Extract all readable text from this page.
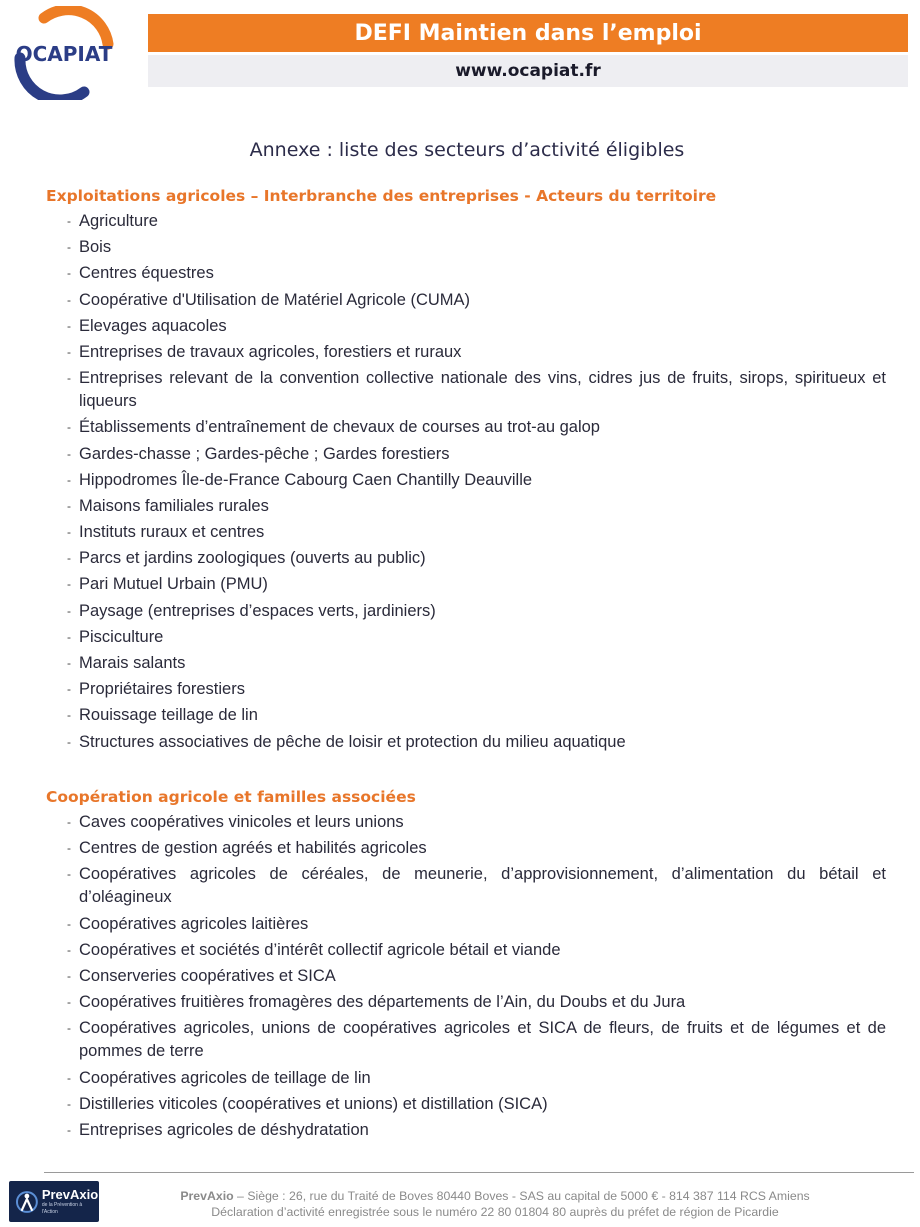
OCAPIAT
DEFI Maintien dans l’emploi
www.ocapiat.fr
Annexe : liste des secteurs d’activité éligibles
Exploitations agricoles – Interbranche des entreprises - Acteurs du territoire
- Agriculture
- Bois
- Centres équestres
- Coopérative d'Utilisation de Matériel Agricole (CUMA)
- Elevages aquacoles
- Entreprises de travaux agricoles, forestiers et ruraux
- Entreprises relevant de la convention collective nationale des vins, cidres jus de fruits, sirops, spiritueux et liqueurs
- Établissements d’entraînement de chevaux de courses au trot-au galop
- Gardes-chasse ; Gardes-pêche ; Gardes forestiers
- Hippodromes Île-de-France Cabourg Caen Chantilly Deauville
- Maisons familiales rurales
- Instituts ruraux et centres
- Parcs et jardins zoologiques (ouverts au public)
- Pari Mutuel Urbain (PMU)
- Paysage (entreprises d’espaces verts, jardiniers)
- Pisciculture
- Marais salants
- Propriétaires forestiers
- Rouissage teillage de lin
- Structures associatives de pêche de loisir et protection du milieu aquatique
Coopération agricole et familles associées
- Caves coopératives vinicoles et leurs unions
- Centres de gestion agréés et habilités agricoles
- Coopératives agricoles de céréales, de meunerie, d’approvisionnement, d’alimentation du bétail et d’oléagineux
- Coopératives agricoles laitières
- Coopératives et sociétés d’intérêt collectif agricole bétail et viande
- Conserveries coopératives et SICA
- Coopératives fruitières fromagères des départements de l’Ain, du Doubs et du Jura
- Coopératives agricoles, unions de coopératives agricoles et SICA de fleurs, de fruits et de légumes et de pommes de terre
- Coopératives agricoles de teillage de lin
- Distilleries viticoles (coopératives et unions) et distillation (SICA)
- Entreprises agricoles de déshydratation
PrevAxio
de la Prévention à l'Action
PrevAxio – Siège : 26, rue du Traité de Boves 80440 Boves - SAS au capital de 5000 € - 814 387 114 RCS Amiens
Déclaration d’activité enregistrée sous le numéro 22 80 01804 80 auprès du préfet de région de Picardie
